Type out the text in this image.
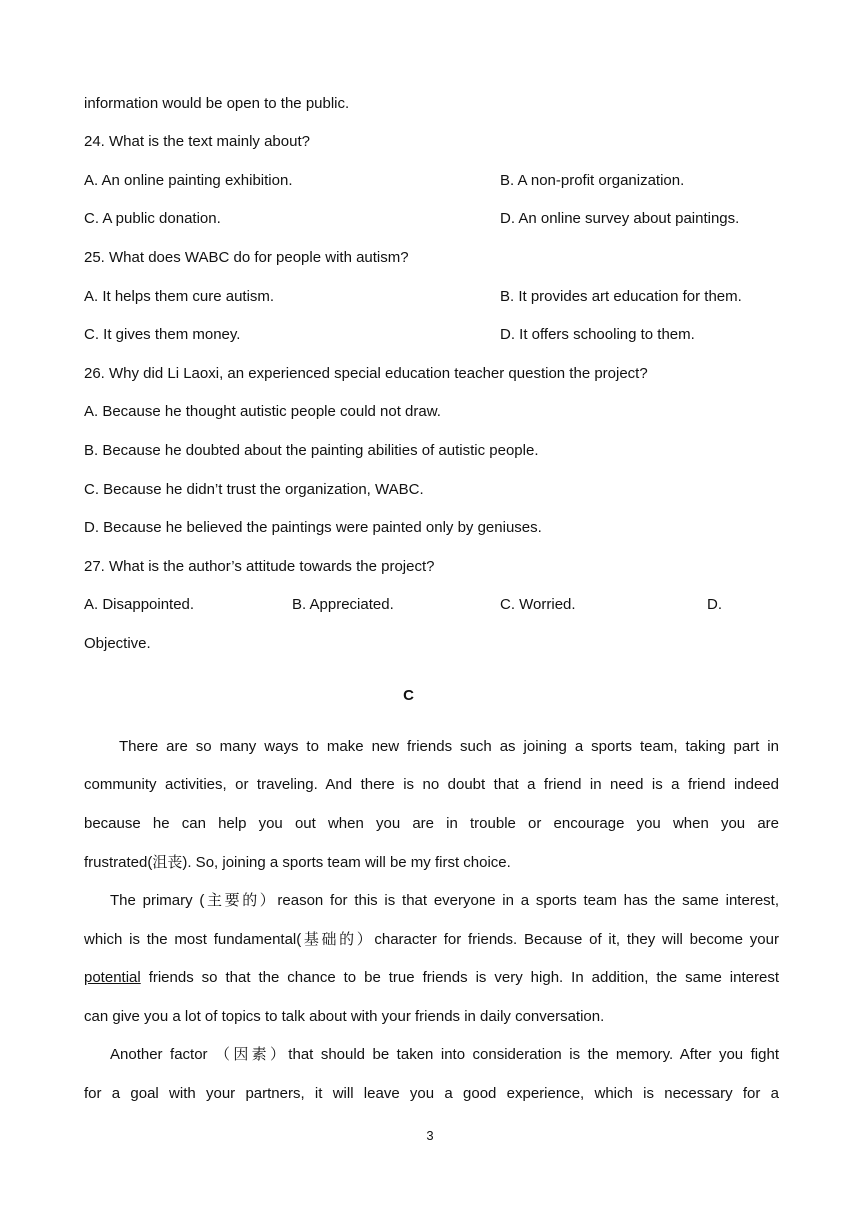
information would be open to the public.
24. What is the text mainly about?
A. An online painting exhibition.	B. A non-profit organization.
C. A public donation.	D. An online survey about paintings.
25. What does WABC do for people with autism?
A. It helps them cure autism.	B. It provides art education for them.
C. It gives them money.	D. It offers schooling to them.
26. Why did Li Laoxi, an experienced special education teacher question the project?
A. Because he thought autistic people could not draw.
B. Because he doubted about the painting abilities of autistic people.
C. Because he didn’t trust the organization, WABC.
D. Because he believed the paintings were painted only by geniuses.
27. What is the author’s attitude towards the project?
A. Disappointed.	B. Appreciated.	C. Worried.	D.
Objective.
C
There are so many ways to make new friends such as joining a sports team, taking part in
community activities, or traveling. And there is no doubt that a friend in need is a friend indeed
because he can help you out when you are in trouble or encourage you when you are
frustrated(沮丧). So, joining a sports team will be my first choice.
The primary (主要的）reason for this is that everyone in a sports team has the same interest,
which is the most fundamental(基础的）character for friends. Because of it, they will become your
potential friends so that the chance to be true friends is very high. In addition, the same interest
can give you a lot of topics to talk about with your friends in daily conversation.
Another factor （因素）that should be taken into consideration is the memory. After you fight
for a goal with your partners, it will leave you a good experience, which is necessary for a
3
